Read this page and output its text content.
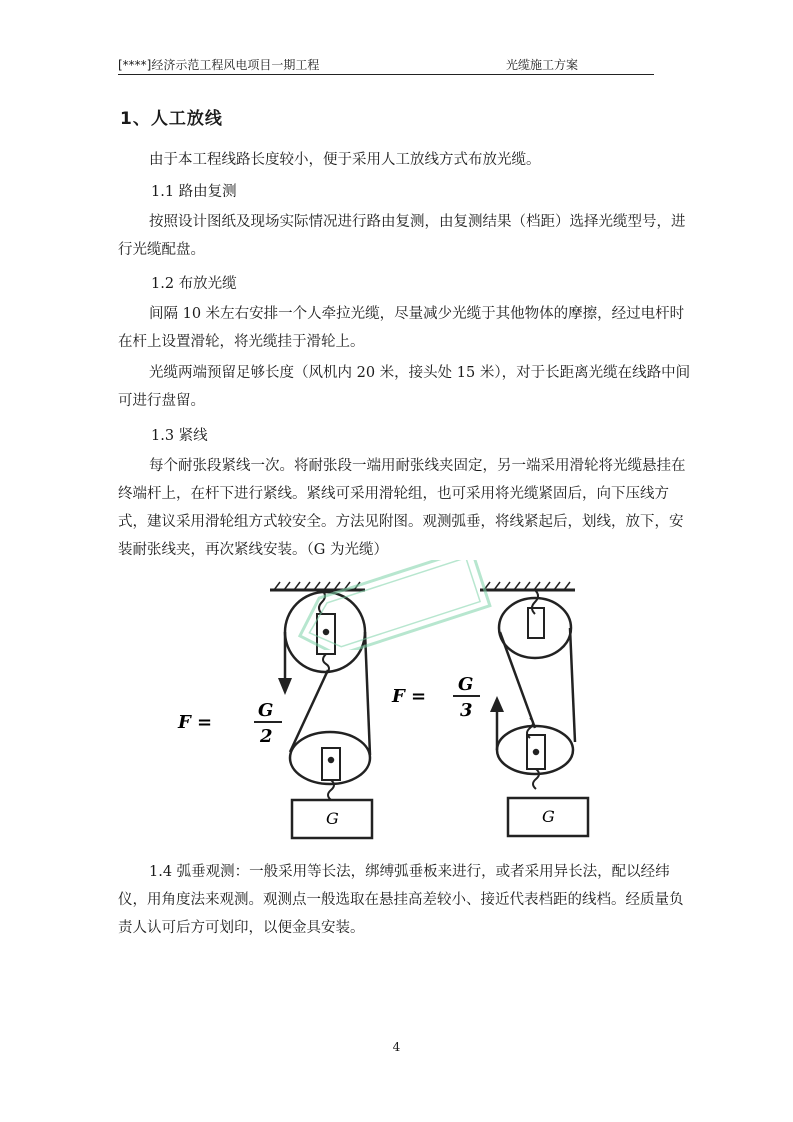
[****]经济示范工程风电项目一期工程	光缆施工方案
1、人工放线
由于本工程线路长度较小，便于采用人工放线方式布放光缆。
1.1 路由复测
按照设计图纸及现场实际情况进行路由复测，由复测结果（档距）选择光缆型号，进行光缆配盘。
1.2 布放光缆
间隔 10 米左右安排一个人牵拉光缆，尽量减少光缆于其他物体的摩擦，经过电杆时在杆上设置滑轮，将光缆挂于滑轮上。
光缆两端预留足够长度（风机内 20 米，接头处 15 米），对于长距离光缆在线路中间可进行盘留。
1.3 紧线
每个耐张段紧线一次。将耐张段一端用耐张线夹固定，另一端采用滑轮将光缆悬挂在终端杆上，在杆下进行紧线。紧线可采用滑轮组，也可采用将光缆紧固后，向下压线方式，建议采用滑轮组方式较安全。方法见附图。观测弧垂，将线紧起后，划线，放下，安装耐张线夹，再次紧线安装。（G 为光缆）
F =
G
2
F =
G
3
G	G
1.4 弧垂观测：一般采用等长法，绑缚弧垂板来进行，或者采用异长法，配以经纬仪，用角度法来观测。观测点一般选取在悬挂高差较小、接近代表档距的线档。经质量负责人认可后方可划印，以便金具安装。
4
